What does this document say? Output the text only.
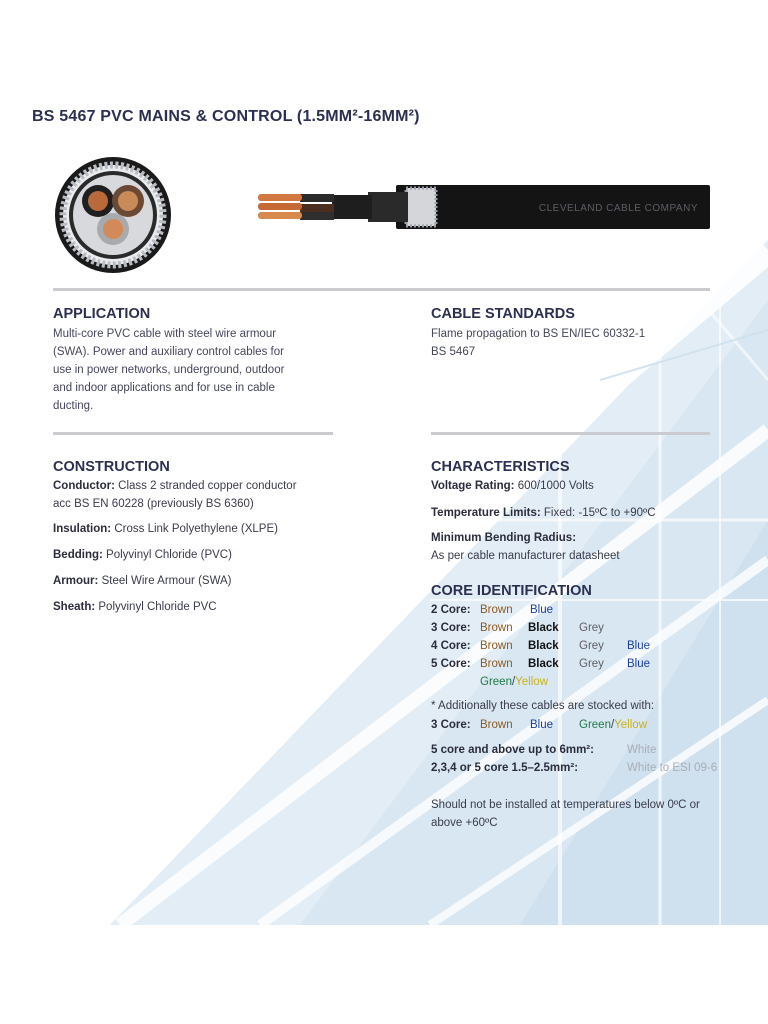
BS 5467 PVC MAINS & CONTROL (1.5MM²-16MM²)
CLEVELAND CABLE COMPANY
APPLICATION
Multi-core PVC cable with steel wire armour
(SWA). Power and auxiliary control cables for
use in power networks, underground, outdoor
and indoor applications and for use in cable
ducting.
CABLE STANDARDS
Flame propagation to BS EN/IEC 60332-1
BS 5467
CONSTRUCTION
Conductor: Class 2 stranded copper conductor
acc BS EN 60228 (previously BS 6360)
Insulation: Cross Link Polyethylene (XLPE)
Bedding: Polyvinyl Chloride (PVC)
Armour: Steel Wire Armour (SWA)
Sheath: Polyvinyl Chloride PVC
CHARACTERISTICS
Voltage Rating: 600/1000 Volts
Temperature Limits: Fixed: -15ºC to +90ºC
Minimum Bending Radius:
As per cable manufacturer datasheet
CORE IDENTIFICATION
2 Core: Brown Blue
3 Core: Brown Black Grey
4 Core: Brown Black Grey Blue
5 Core: Brown Black Grey Blue
Green/Yellow
* Additionally these cables are stocked with:
3 Core: Brown Blue Green/Yellow
5 core and above up to 6mm²:	White
2,3,4 or 5 core 1.5–2.5mm²:	White to ESI 09-6
Should not be installed at temperatures below 0ºC or
above +60ºC
